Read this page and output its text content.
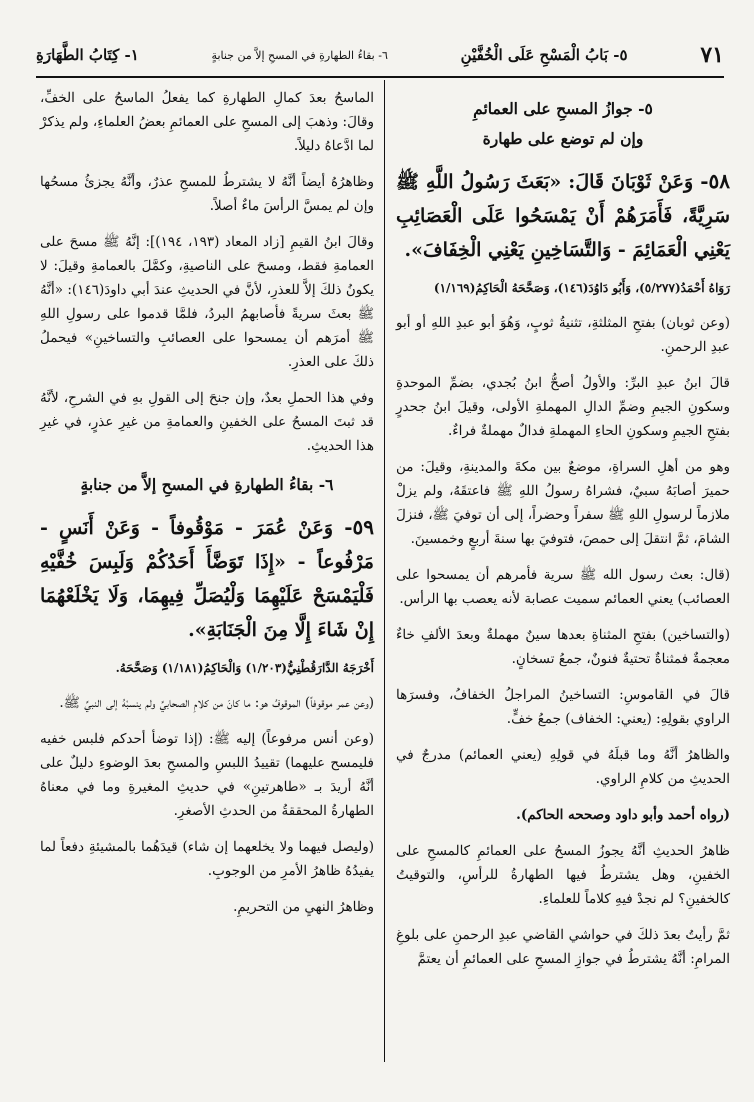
٧١
٥- بَابُ الْمَسْحِ عَلَى الْخُفَّيْنِ
٦- بقاءُ الطهارةِ في المسحِ إلاَّ من جنابةٍ
١- كِتَابُ الطَّهَارَةِ
٥- جوازُ المسحِ على العمائمِ
وإن لم توضع على طهارة
٥٨- وَعَنْ ثَوْبَانَ قَالَ: «بَعَثَ رَسُولُ اللَّهِ ﷺ سَرِيَّةً، فَأَمَرَهُمْ أَنْ يَمْسَحُوا عَلَى الْعَصَائِبِ يَعْنِي الْعَمَائِمَ - وَالتَّسَاخِينِ يَعْنِي الْخِفَافَ».

رَوَاهُ أَحْمَدُ(٥/٢٧٧)، وَأَبُو دَاوُدَ(١٤٦)، وَصَحَّحَهُ الْحَاكِمُ(١/١٦٩)

(وعن ثوبان) بفتحِ المثلثةِ، تثنيةُ ثوبٍ، وَهُوَ أبو عبدِ اللهِ أو أبو عبدِ الرحمنِ.

قالَ ابنُ عبدِ البرِّ: والأولُ أصحُّ ابنُ بُجدي، بضمِّ الموحدةِ وسكونِ الجيمِ وضمِّ الدالِ المهملةِ الأولى، وقيلَ ابنُ جحدرٍ بفتحِ الجيمِ وسكونِ الحاءِ المهملةِ فدالٌ مهملةٌ فراءٌ.

وهو من أهلِ السراةِ، موضعٌ بين مكةَ والمدينةِ، وقيلَ: من حميرَ أصابَهُ سبيٌ، فشراهُ رسولُ اللهِ ﷺ فاعتقَهُ، ولم يزلْ ملازماً لرسولِ اللهِ ﷺ سفراً وحضراً، إلى أن توفيَ ﷺ، فنزلَ الشامَ، ثمَّ انتقلَ إلى حمصَ، فتوفيَ بها سنةَ أربعٍ وخمسينَ.

(قال: بعث رسول الله ﷺ سرية فأمرهم أن يمسحوا على العصائب) يعني العمائم سميت عصابة لأنه يعصب بها الرأس.

(والتساخين) بفتحِ المثناةِ بعدها سينٌ مهملةٌ وبعدَ الألفِ خاءٌ معجمةٌ فمثناةٌ تحتيةٌ فنونٌ، جمعُ تسخانٍ.

قالَ في القاموسِ: التساخينُ المراجلُ الخفافُ، وفسرَها الراوي بقولِهِ: (يعني: الخفاف) جمعُ خفٍّ.

والظاهرُ أنَّهُ وما قبلَهُ في قولِهِ (يعني العمائم) مدرجٌ في الحديثِ من كلامِ الراوي.

(رواه أحمد وأبو داود وصححه الحاكم).

ظاهرُ الحديثِ أنَّهُ يجوزُ المسحُ على العمائمِ كالمسحِ على الخفينِ، وهل يشترطُ فيها الطهارةُ للرأسِ، والتوقيتُ كالخفينِ؟ لم نجدْ فيهِ كلاماً للعلماءِ.

ثمَّ رأيتُ بعدَ ذلكَ في حواشي القاضي عبدِ الرحمنِ على بلوغِ المرامِ: أنَّهُ يشترطُ في جوازِ المسحِ على العمائمِ أن يعتمَّ

الماسحُ بعدَ كمالِ الطهارةِ كما يفعلُ الماسحُ على الخفِّ، وقالَ: وذهبَ إلى المسحِ على العمائمِ بعضُ العلماءِ، ولم يذكرْ لما ادَّعاهُ دليلاً.

وظاهرُهُ أيضاً أنَّهُ لا يشترطُ للمسحِ عذرٌ، وأنَّهُ يجزئُ مسحُها وإن لم يمسَّ الرأسَ ماءٌ أصلاً.

وقالَ ابنُ القيمِ [زاد المعاد (١٩٣، ١٩٤)]: إنَّهُ ﷺ مسحَ على العمامةِ فقط، ومسحَ على الناصيةِ، وكمَّلَ بالعمامةِ وقيلَ: لا يكونُ ذلكَ إلاَّ للعذرِ، لأنَّ في الحديثِ عندَ أبي داودَ(١٤٦): «أنَّهُ ﷺ بعثَ سريةً فأصابهمُ البردُ، فلمَّا قدموا على رسولِ اللهِ ﷺ أمرَهم أن يمسحوا على العصائبِ والتساخينِ» فيحملُ ذلكَ على العذرِ.

وفي هذا الحملِ بعدٌ، وإن جنحَ إلى القولِ بهِ في الشرحِ، لأنَّهُ قد ثبتَ المسحُ على الخفينِ والعمامةِ من غيرِ عذرٍ، في غيرِ هذا الحديثِ.

٦- بقاءُ الطهارةِ في المسحِ إلاَّ من جنابةٍ
٥٩- وَعَنْ عُمَرَ - مَوْقُوفاً - وَعَنْ أَنَسٍ - مَرْفُوعاً - «إِذَا تَوَضَّأَ أَحَدُكُمْ وَلَبِسَ خُفَّيْهِ فَلْيَمْسَحْ عَلَيْهِمَا وَلْيُصَلِّ فِيهِمَا، وَلَا يَخْلَعْهُمَا إِنْ شَاءَ إِلَّا مِنَ الْجَنَابَةِ».

أَخْرَجَهُ الدَّارَقُطْنِيُّ(١/٢٠٣) وَالْحَاكِمُ(١/١٨١) وَصَحَّحَهُ.

(وعن عمر موقوفاً) الموقوفُ هو: ما كانَ من كلامِ الصحابيِّ ولم ينسبْهُ إلى النبيِّ ﷺ.

(وعن أنس مرفوعاً) إليه ﷺ: (إذا توضأ أحدكم فلبس خفيه فليمسح عليهما) تقييدُ اللبسِ والمسحِ بعدَ الوضوءِ دليلٌ على أنَّهُ أريدَ بـ «طاهرتينِ» في حديثِ المغيرةِ وما في معناهُ الطهارةُ المحققةُ من الحدثِ الأصغرِ.

(وليصل فيهما ولا يخلعهما إن شاء) قيدَهُما بالمشيئةِ دفعاً لما يفيدُهُ ظاهرُ الأمرِ من الوجوبِ.

وظاهرُ النهيِ من التحريمِ.
